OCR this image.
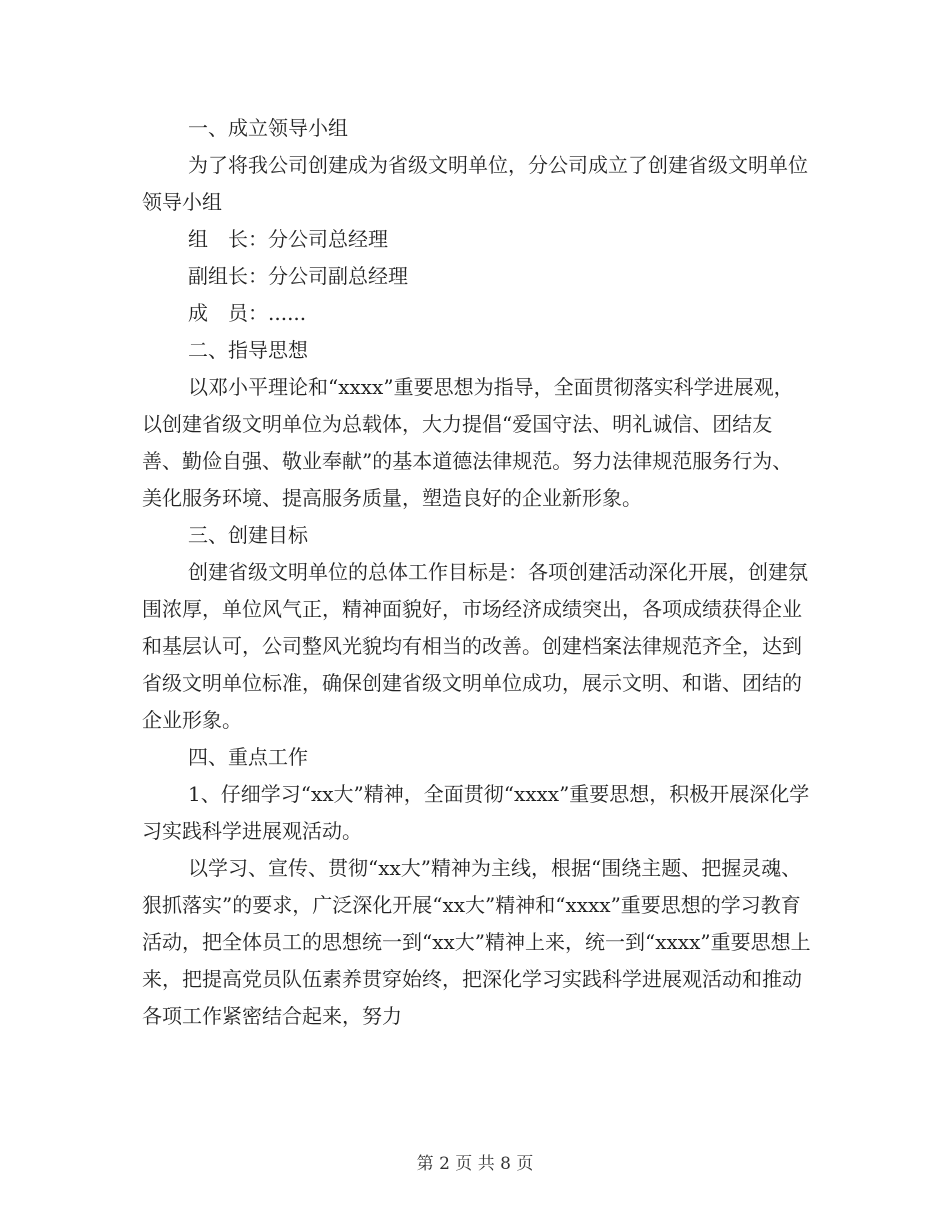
一、成立领导小组

为了将我公司创建成为省级文明单位，分公司成立了创建省级文明单位领导小组

组　长：分公司总经理

副组长：分公司副总经理

成　员：......

二、指导思想

以邓小平理论和“xxxx”重要思想为指导，全面贯彻落实科学进展观，以创建省级文明单位为总载体，大力提倡“爱国守法、明礼诚信、团结友善、勤俭自强、敬业奉献”的基本道德法律规范。努力法律规范服务行为、美化服务环境、提高服务质量，塑造良好的企业新形象。

三、创建目标

创建省级文明单位的总体工作目标是：各项创建活动深化开展，创建氛围浓厚，单位风气正，精神面貌好，市场经济成绩突出，各项成绩获得企业和基层认可，公司整风光貌均有相当的改善。创建档案法律规范齐全，达到省级文明单位标准，确保创建省级文明单位成功，展示文明、和谐、团结的企业形象。

四、重点工作

1、仔细学习“xx大”精神，全面贯彻“xxxx”重要思想，积极开展深化学习实践科学进展观活动。

以学习、宣传、贯彻“xx大”精神为主线，根据“围绕主题、把握灵魂、狠抓落实”的要求，广泛深化开展“xx大”精神和“xxxx”重要思想的学习教育活动，把全体员工的思想统一到“xx大”精神上来，统一到“xxxx”重要思想上来，把提高党员队伍素养贯穿始终，把深化学习实践科学进展观活动和推动各项工作紧密结合起来，努力

第 2 页 共 8 页
